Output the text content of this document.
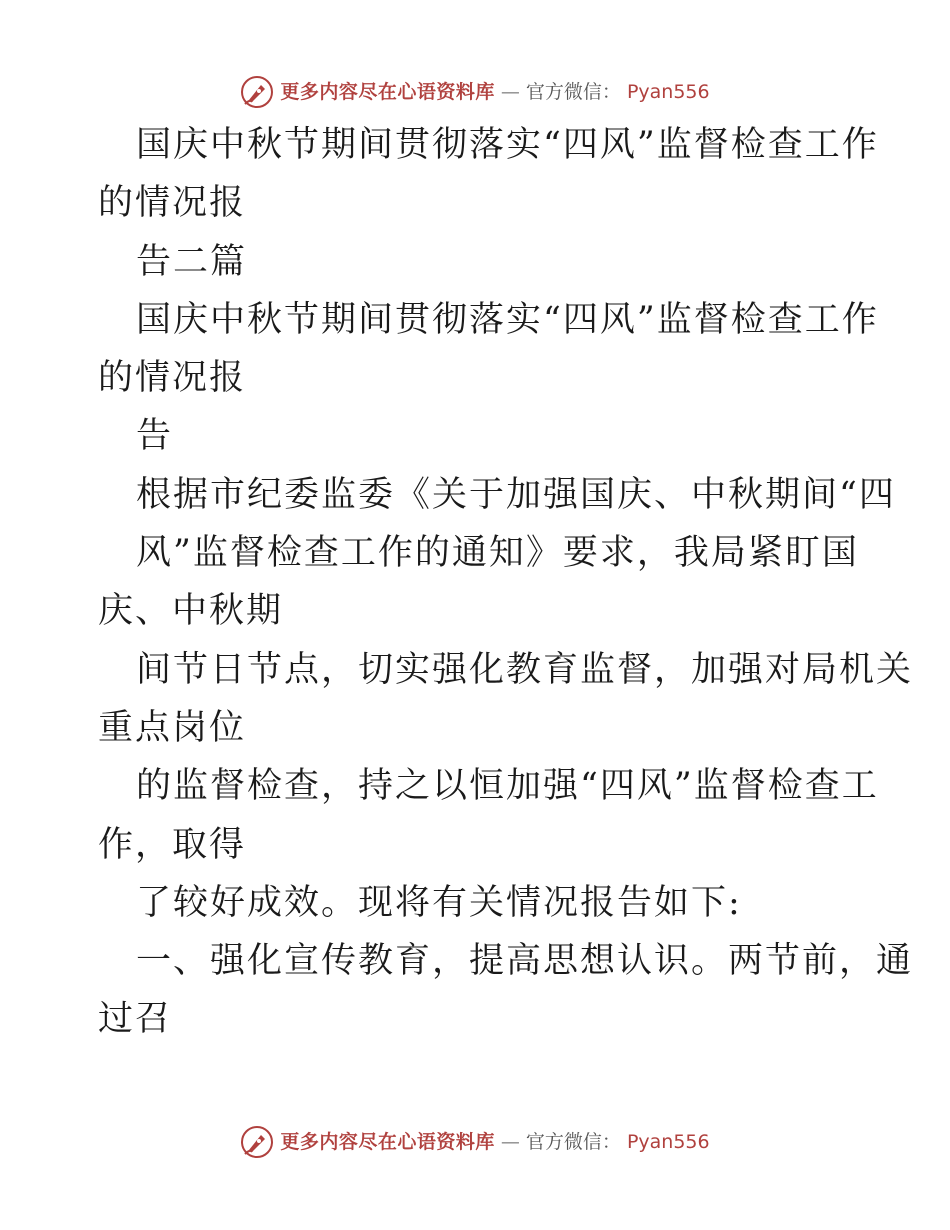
更多内容尽在心语资料库 — 官方微信： Pyan556
国庆中秋节期间贯彻落实“四风”监督检查工作
的情况报
告二篇
国庆中秋节期间贯彻落实“四风”监督检查工作
的情况报
告
根据市纪委监委《关于加强国庆、中秋期间“四
风”监督检查工作的通知》要求，我局紧盯国
庆、中秋期
间节日节点，切实强化教育监督，加强对局机关
重点岗位
的监督检查，持之以恒加强“四风”监督检查工
作，取得
了较好成效。现将有关情况报告如下:
一、强化宣传教育，提高思想认识。两节前，通
过召
更多内容尽在心语资料库 — 官方微信： Pyan556
